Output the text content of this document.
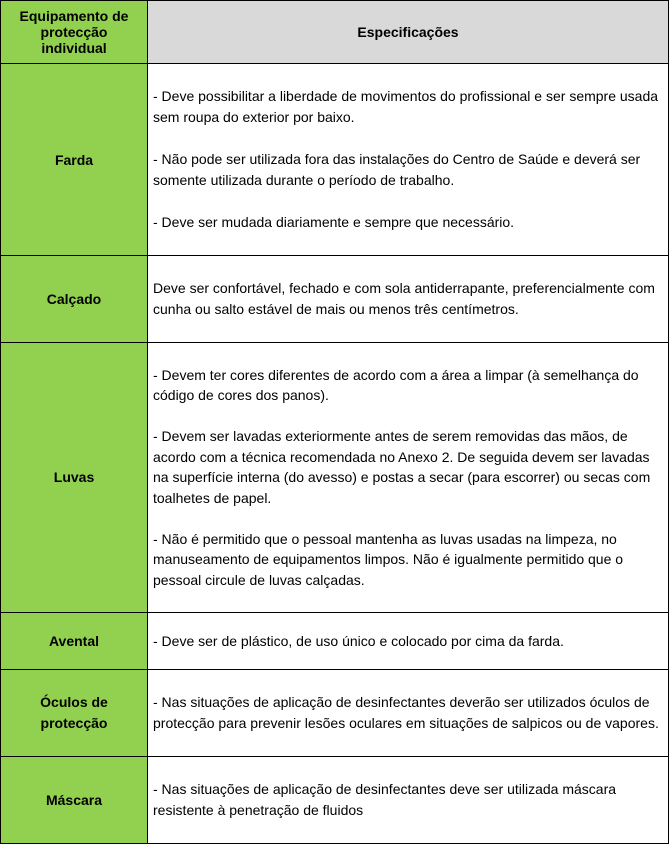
Equipamento de protecção individual	Especificações
Farda	- Deve possibilitar a liberdade de movimentos do profissional e ser sempre usada sem roupa do exterior por baixo.

- Não pode ser utilizada fora das instalações do Centro de Saúde e deverá ser somente utilizada durante o período de trabalho.

- Deve ser mudada diariamente e sempre que necessário.

Calçado	Deve ser confortável, fechado e com sola antiderrapante, preferencialmente com cunha ou salto estável de mais ou menos três centímetros.

Luvas	- Devem ter cores diferentes de acordo com a área a limpar (à semelhança do código de cores dos panos).

- Devem ser lavadas exteriormente antes de serem removidas das mãos, de acordo com a técnica recomendada no Anexo 2. De seguida devem ser lavadas na superfície interna (do avesso) e postas a secar (para escorrer) ou secas com toalhetes de papel.

- Não é permitido que o pessoal mantenha as luvas usadas na limpeza, no manuseamento de equipamentos limpos. Não é igualmente permitido que o pessoal circule de luvas calçadas.

Avental	- Deve ser de plástico, de uso único e colocado por cima da farda.

Óculos de protecção	- Nas situações de aplicação de desinfectantes deverão ser utilizados óculos de protecção para prevenir lesões oculares em situações de salpicos ou de vapores.

Máscara	- Nas situações de aplicação de desinfectantes deve ser utilizada máscara resistente à penetração de fluidos
